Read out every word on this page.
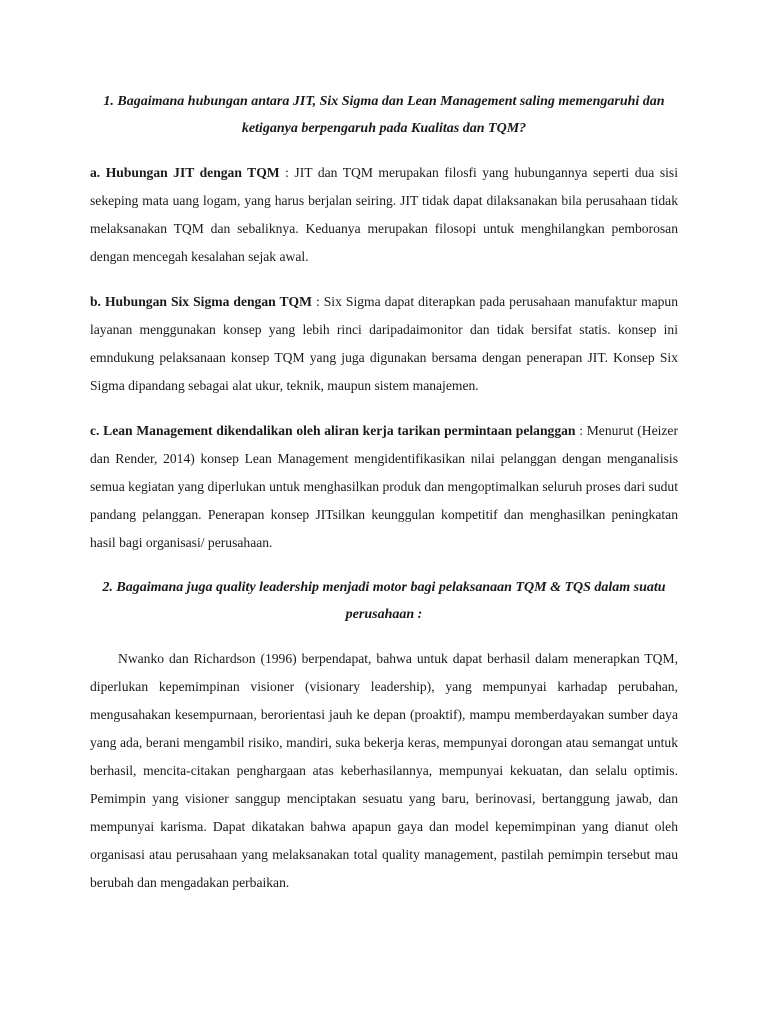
1. Bagaimana hubungan antara JIT, Six Sigma dan Lean Management saling memengaruhi dan ketiganya berpengaruh pada Kualitas dan TQM?

a. Hubungan JIT dengan TQM : JIT dan TQM merupakan filosfi yang hubungannya seperti dua sisi sekeping mata uang logam, yang harus berjalan seiring. JIT tidak dapat dilaksanakan bila perusahaan tidak melaksanakan TQM dan sebaliknya. Keduanya merupakan filosopi untuk menghilangkan pemborosan dengan mencegah kesalahan sejak awal.

b. Hubungan Six Sigma dengan TQM : Six Sigma dapat diterapkan pada perusahaan manufaktur mapun layanan menggunakan konsep yang lebih rinci daripadaimonitor dan tidak bersifat statis. konsep ini emndukung pelaksanaan konsep TQM yang juga digunakan bersama dengan penerapan JIT. Konsep Six Sigma dipandang sebagai alat ukur, teknik, maupun sistem manajemen.

c. Lean Management dikendalikan oleh aliran kerja tarikan permintaan pelanggan : Menurut (Heizer dan Render, 2014) konsep Lean Management mengidentifikasikan nilai pelanggan dengan menganalisis semua kegiatan yang diperlukan untuk menghasilkan produk dan mengoptimalkan seluruh proses dari sudut pandang pelanggan. Penerapan konsep JITsilkan keunggulan kompetitif dan menghasilkan peningkatan hasil bagi organisasi/ perusahaan.

2. Bagaimana juga quality leadership menjadi motor bagi pelaksanaan TQM & TQS dalam suatu perusahaan :

Nwanko dan Richardson (1996) berpendapat, bahwa untuk dapat berhasil dalam menerapkan TQM, diperlukan kepemimpinan visioner (visionary leadership), yang mempunyai karhadap perubahan, mengusahakan kesempurnaan, berorientasi jauh ke depan (proaktif), mampu memberdayakan sumber daya yang ada, berani mengambil risiko, mandiri, suka bekerja keras, mempunyai dorongan atau semangat untuk berhasil, mencita-citakan penghargaan atas keberhasilannya, mempunyai kekuatan, dan selalu optimis. Pemimpin yang visioner sanggup menciptakan sesuatu yang baru, berinovasi, bertanggung jawab, dan mempunyai karisma. Dapat dikatakan bahwa apapun gaya dan model kepemimpinan yang dianut oleh organisasi atau perusahaan yang melaksanakan total quality management, pastilah pemimpin tersebut mau berubah dan mengadakan perbaikan.
